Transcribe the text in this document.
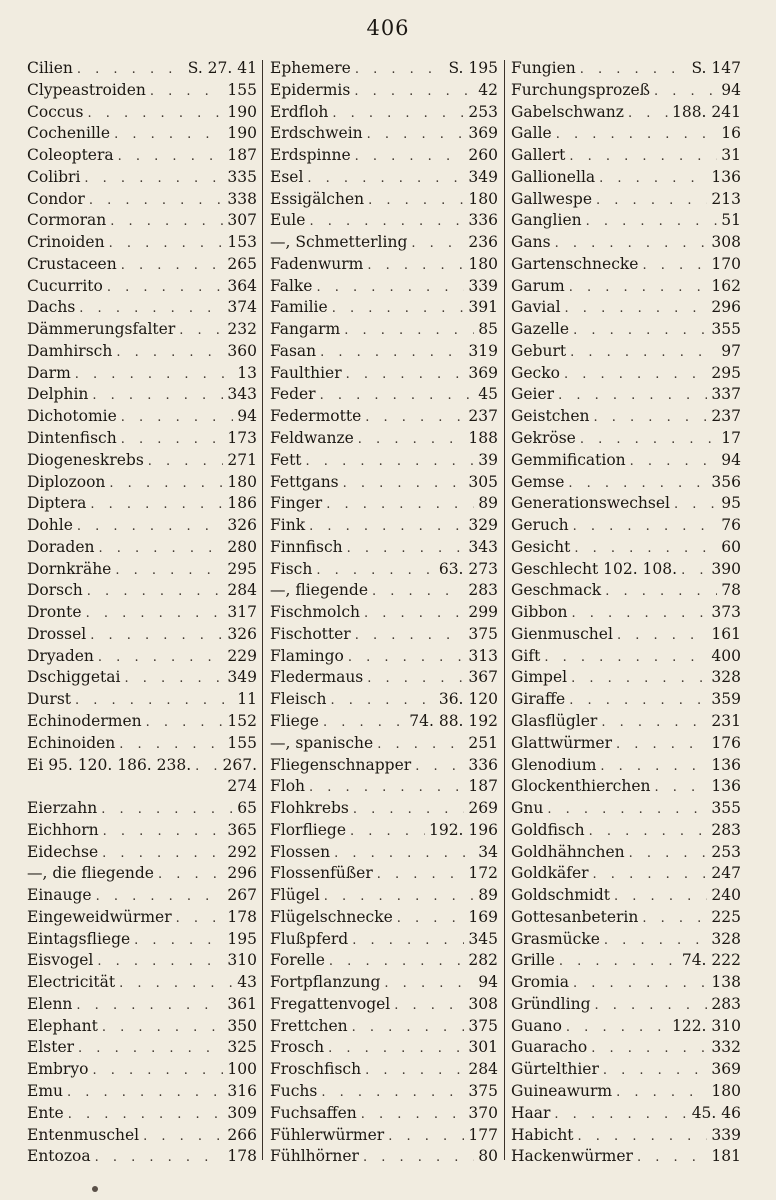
406
Cilien . . .	S. 27. 41
Clypeastroiden . . .	155
Coccus . . .	190
Cochenille . . .	190
Coleoptera . . .	187
Colibri . . .	335
Condor . . .	338
Cormoran . . .	307
Crinoiden . . .	153
Crustaceen . . .	265
Cucurrito . . .	364
Dachs . . .	374
Dämmerungsfalter . . .	232
Damhirsch . . .	360
Darm . . .	13
Delphin . . .	343
Dichotomie . . .	94
Dintenfisch . . .	173
Diogeneskrebs . . .	271
Diplozoon . . .	180
Diptera . . .	186
Dohle . . .	326
Doraden . . .	280
Dornkrähe . . .	295
Dorsch . . .	284
Dronte . . .	317
Drossel . . .	326
Dryaden . . .	229
Dschiggetai . . .	349
Durst . . .	11
Echinodermen . . .	152
Echinoiden . . .	155
Ei 95. 120. 186. 238. . . . 267.
274
Eierzahn . . .	65
Eichhorn . . .	365
Eidechse . . .	292
—, die fliegende . . .	296
Einauge . . .	267
Eingeweidwürmer . . .	178
Eintagsfliege . . .	195
Eisvogel . . .	310
Electricität . . .	43
Elenn . . .	361
Elephant . . .	350
Elster . . .	325
Embryo . . .	100
Emu . . .	316
Ente . . .	309
Entenmuschel . . .	266
Entozoa . . .	178
Ephemere . . .	S. 195
Epidermis . . .	42
Erdfloh . . .	253
Erdschwein . . .	369
Erdspinne . . .	260
Esel . . .	349
Essigälchen . . .	180
Eule . . .	336
—, Schmetterling . . .	236
Fadenwurm . . .	180
Falke . . .	339
Familie . . .	391
Fangarm . . .	85
Fasan . . .	319
Faulthier . . .	369
Feder . . .	45
Federmotte . . .	237
Feldwanze . . .	188
Fett . . .	39
Fettgans . . .	305
Finger . . .	89
Fink . . .	329
Finnfisch . . .	343
Fisch . . .	63. 273
—, fliegende . . .	283
Fischmolch . . .	299
Fischotter . . .	375
Flamingo . . .	313
Fledermaus . . .	367
Fleisch . . .	36. 120
Fliege . . .	74. 88. 192
—, spanische . . .	251
Fliegenschnapper . . .	336
Floh . . .	187
Flohkrebs . . .	269
Florfliege . . .	192. 196
Flossen . . .	34
Flossenfüßer . . .	172
Flügel . . .	89
Flügelschnecke . . .	169
Flußpferd . . .	345
Forelle . . .	282
Fortpflanzung . . .	94
Fregattenvogel . . .	308
Frettchen . . .	375
Frosch . . .	301
Froschfisch . . .	284
Fuchs . . .	375
Fuchsaffen . . .	370
Fühlerwürmer . . .	177
Fühlhörner . . .	80
Fungien . . .	S. 147
Furchungsprozeß . . .	94
Gabelschwanz . . .	188. 241
Galle . . .	16
Gallert . . .	31
Gallionella . . .	136
Gallwespe . . .	213
Ganglien . . .	51
Gans . . .	308
Gartenschnecke . . .	170
Garum . . .	162
Gavial . . .	296
Gazelle . . .	355
Geburt . . .	97
Gecko . . .	295
Geier . . .	337
Geistchen . . .	237
Gekröse . . .	17
Gemmification . . .	94
Gemse . . .	356
Generationswechsel . . .	95
Geruch . . .	76
Gesicht . . .	60
Geschlecht 102. 108. . . . 390
Geschmack . . .	78
Gibbon . . .	373
Gienmuschel . . .	161
Gift . . .	400
Gimpel . . .	328
Giraffe . . .	359
Glasflügler . . .	231
Glattwürmer . . .	176
Glenodium . . .	136
Glockenthierchen . . .	136
Gnu . . .	355
Goldfisch . . .	283
Goldhähnchen . . .	253
Goldkäfer . . .	247
Goldschmidt . . .	240
Gottesanbeterin . . .	225
Grasmücke . . .	328
Grille . . .	74. 222
Gromia . . .	138
Gründling . . .	283
Guano . . .	122. 310
Guaracho . . .	332
Gürtelthier . . .	369
Guineawurm . . .	180
Haar . . .	45. 46
Habicht . . .	339
Hackenwürmer . . .	181
